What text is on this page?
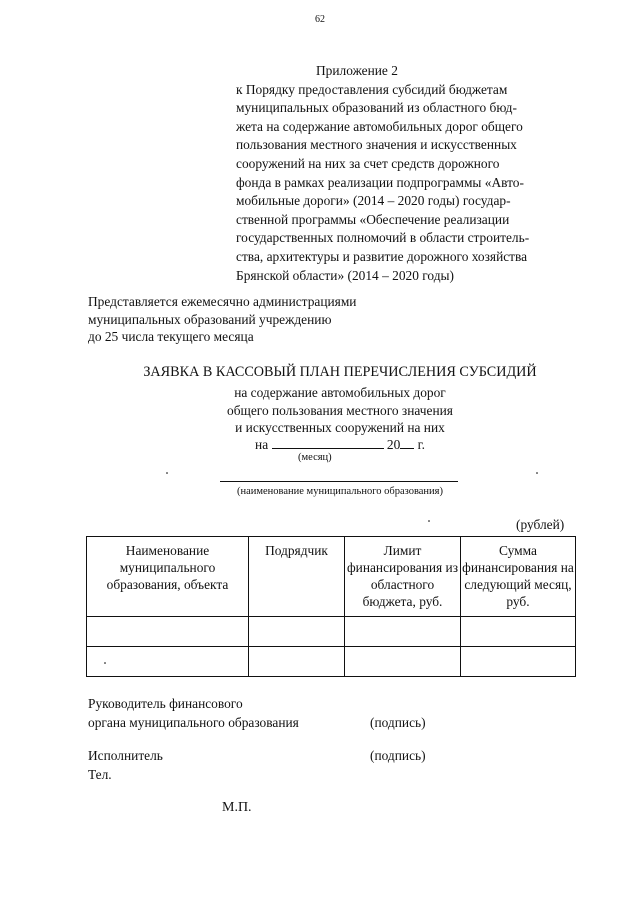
62
Приложение 2
к Порядку предоставления субсидий бюджетам
муниципальных образований из областного бюд-
жета на содержание автомобильных дорог общего
пользования местного значения и искусственных
сооружений на них за счет средств дорожного
фонда в рамках реализации подпрограммы «Авто-
мобильные дороги» (2014 – 2020 годы) государ-
ственной программы «Обеспечение реализации
государственных полномочий в области строитель-
ства, архитектуры и развитие дорожного хозяйства
Брянской области» (2014 – 2020 годы)
Представляется ежемесячно администрациями
муниципальных образований учреждению
до 25 числа текущего месяца
ЗАЯВКА В КАССОВЫЙ ПЛАН ПЕРЕЧИСЛЕНИЯ СУБСИДИЙ
на содержание автомобильных дорог
общего пользования местного значения
и искусственных сооружений на них
на	20 г.
(месяц)
(наименование муниципального образования)
(рублей)
Наименование муниципального образования, объекта	Подрядчик	Лимит финансирования из областного бюджета, руб.	Сумма финансирования на следующий месяц, руб.

Руководитель финансового
органа муниципального образования	(подпись)
Исполнитель
Тел.
(подпись)
М.П.
